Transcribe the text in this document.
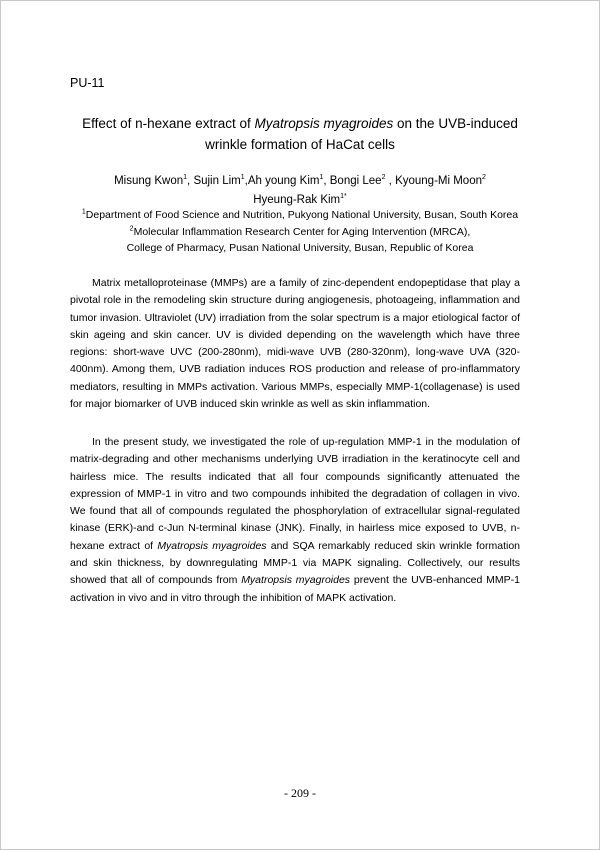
PU-11
Effect of n-hexane extract of Myatropsis myagroides on the UVB-induced wrinkle formation of HaCat cells
Misung Kwon$^1$, Sujin Lim$^1$,Ah young Kim$^1$, Bongi Lee$^2$ , Kyoung-Mi Moon$^2$
Hyeung-Rak Kim$^{1*}$
$^1$Department of Food Science and Nutrition, Pukyong National University, Busan, South Korea
$^2$Molecular Inflammation Research Center for Aging Intervention (MRCA),
College of Pharmacy, Pusan National University, Busan, Republic of Korea
Matrix metalloproteinase (MMPs) are a family of zinc-dependent endopeptidase that play a pivotal role in the remodeling skin structure during angiogenesis, photoageing, inflammation and tumor invasion. Ultraviolet (UV) irradiation from the solar spectrum is a major etiological factor of skin ageing and skin cancer. UV is divided depending on the wavelength which have three regions: short-wave UVC (200-280nm), midi-wave UVB (280-320nm), long-wave UVA (320-400nm). Among them, UVB radiation induces ROS production and release of pro-inflammatory mediators, resulting in MMPs activation. Various MMPs, especially MMP-1(collagenase) is used for major biomarker of UVB induced skin wrinkle as well as skin inflammation.
In the present study, we investigated the role of up-regulation MMP-1 in the modulation of matrix-degrading and other mechanisms underlying UVB irradiation in the keratinocyte cell and hairless mice. The results indicated that all four compounds significantly attenuated the expression of MMP-1 in vitro and two compounds inhibited the degradation of collagen in vivo. We found that all of compounds regulated the phosphorylation of extracellular signal-regulated kinase (ERK)-and c-Jun N-terminal kinase (JNK). Finally, in hairless mice exposed to UVB, n-hexane extract of Myatropsis myagroides and SQA remarkably reduced skin wrinkle formation and skin thickness, by downregulating MMP-1 via MAPK signaling. Collectively, our results showed that all of compounds from Myatropsis myagroides prevent the UVB-enhanced MMP-1 activation in vivo and in vitro through the inhibition of MAPK activation.
- 209 -
